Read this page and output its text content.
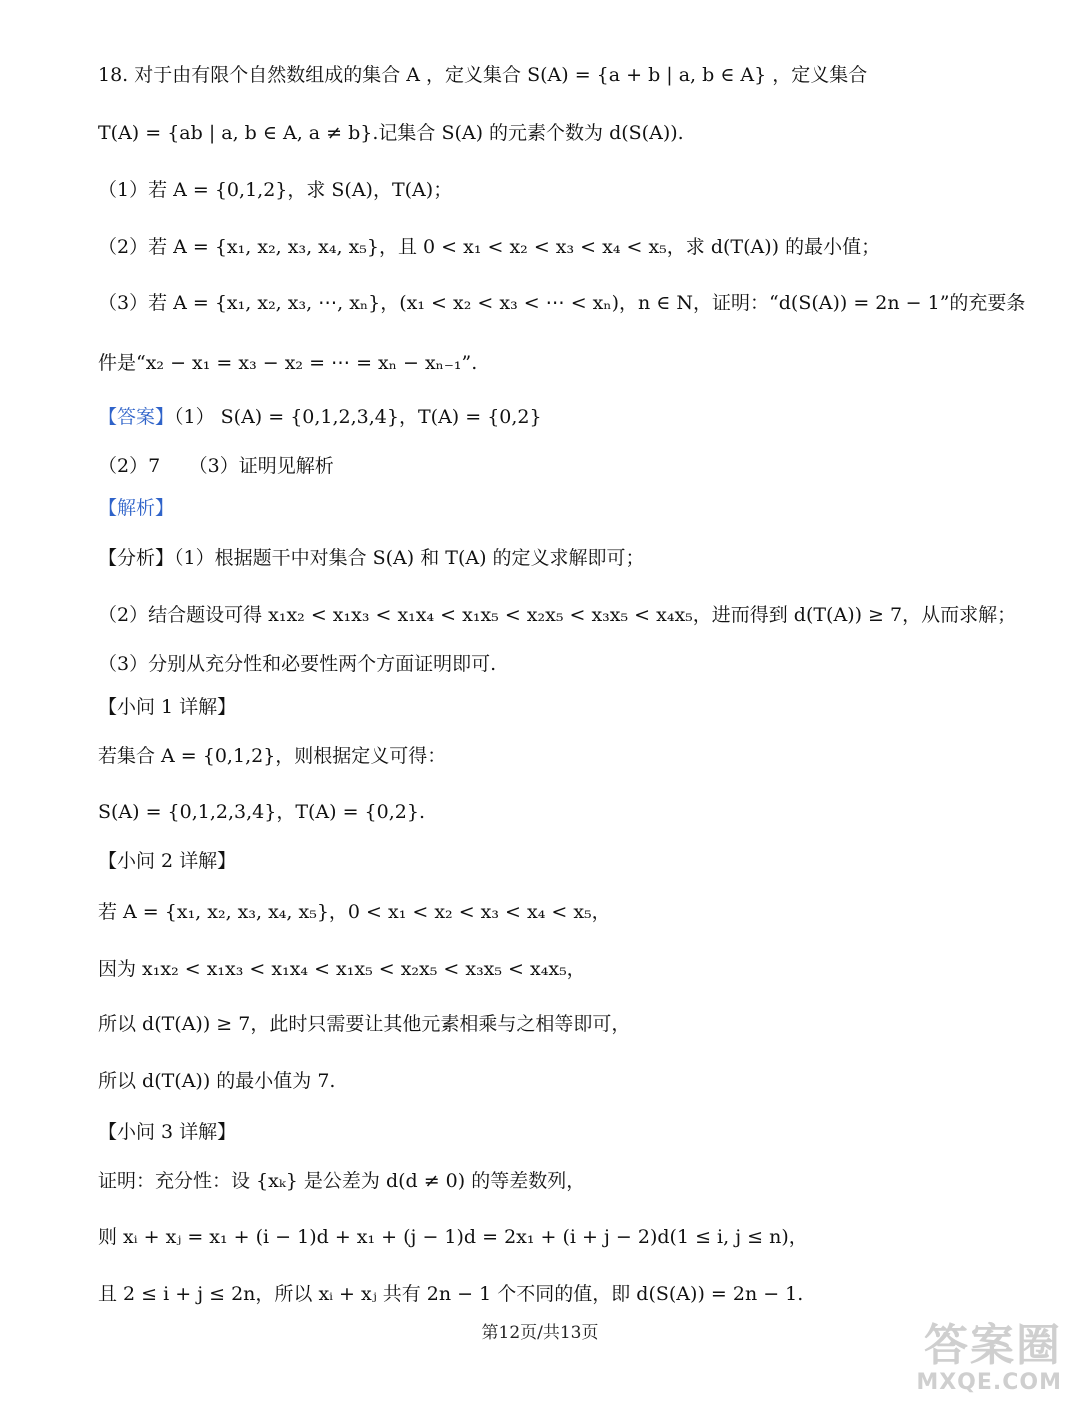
18. 对于由有限个自然数组成的集合 A ，定义集合 S(A) = {a + b | a, b ∈ A} ，定义集合
T(A) = {ab | a, b ∈ A, a ≠ b}.记集合 S(A) 的元素个数为 d(S(A)).
（1）若 A = {0,1,2}，求 S(A)，T(A)；
（2）若 A = {x₁, x₂, x₃, x₄, x₅}，且 0 < x₁ < x₂ < x₃ < x₄ < x₅，求 d(T(A)) 的最小值；
（3）若 A = {x₁, x₂, x₃, ⋯, xₙ}，(x₁ < x₂ < x₃ < ⋯ < xₙ)，n ∈ N，证明：“d(S(A)) = 2n − 1”的充要条
件是“x₂ − x₁ = x₃ − x₂ = ⋯ = xₙ − xₙ₋₁”.
【答案】（1） S(A) = {0,1,2,3,4}，T(A) = {0,2}
（2）7　　（3）证明见解析
【解析】
【分析】（1）根据题干中对集合 S(A) 和 T(A) 的定义求解即可；
（2）结合题设可得 x₁x₂ < x₁x₃ < x₁x₄ < x₁x₅ < x₂x₅ < x₃x₅ < x₄x₅，进而得到 d(T(A)) ≥ 7，从而求解；
（3）分别从充分性和必要性两个方面证明即可.
【小问 1 详解】
若集合 A = {0,1,2}，则根据定义可得：
S(A) = {0,1,2,3,4}，T(A) = {0,2}.
【小问 2 详解】
若 A = {x₁, x₂, x₃, x₄, x₅}，0 < x₁ < x₂ < x₃ < x₄ < x₅，
因为 x₁x₂ < x₁x₃ < x₁x₄ < x₁x₅ < x₂x₅ < x₃x₅ < x₄x₅，
所以 d(T(A)) ≥ 7，此时只需要让其他元素相乘与之相等即可，
所以 d(T(A)) 的最小值为 7.
【小问 3 详解】
证明：充分性：设 {xₖ} 是公差为 d(d ≠ 0) 的等差数列，
则 xᵢ + xⱼ = x₁ + (i − 1)d + x₁ + (j − 1)d = 2x₁ + (i + j − 2)d(1 ≤ i, j ≤ n)，
且 2 ≤ i + j ≤ 2n，所以 xᵢ + xⱼ 共有 2n − 1 个不同的值，即 d(S(A)) = 2n − 1.
第12页/共13页	答案圈
MXQE.COM
